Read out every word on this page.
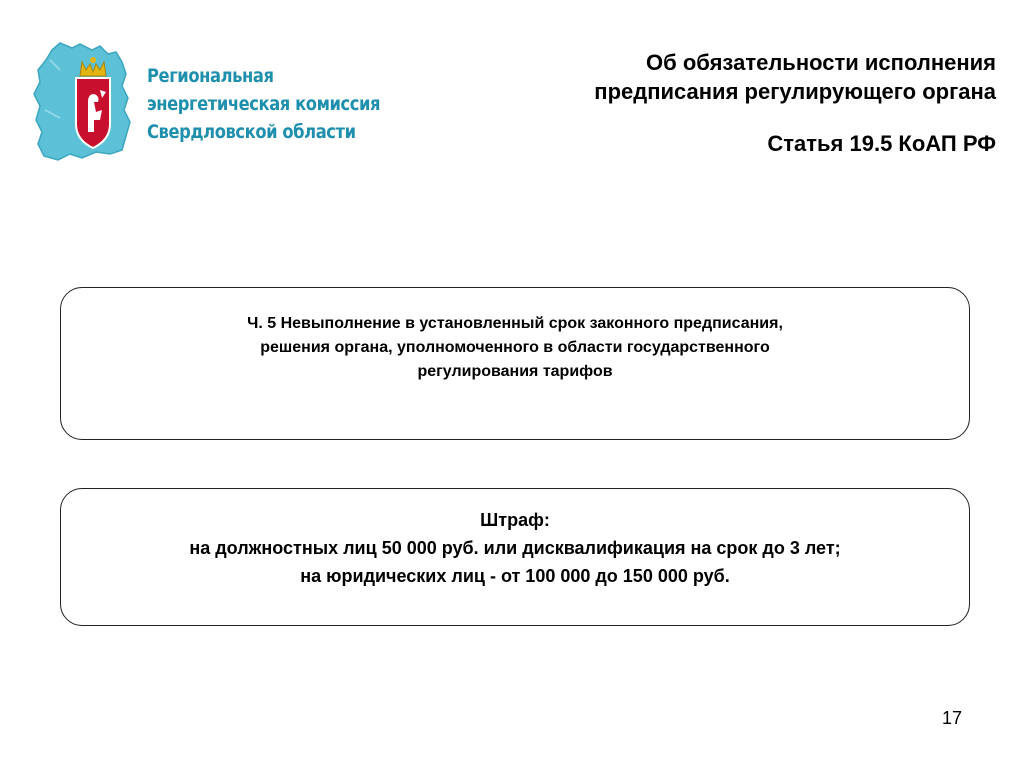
Региональная
энергетическая комиссия
Свердловской области
Об обязательности исполнения
предписания регулирующего органа
Статья 19.5 КоАП РФ
Ч. 5 Невыполнение в установленный срок законного предписания,
решения органа, уполномоченного в области государственного
регулирования тарифов
Штраф:
на должностных лиц 50 000 руб. или дисквалификация на срок до 3 лет;
на юридических лиц - от 100 000 до 150 000 руб.
17
